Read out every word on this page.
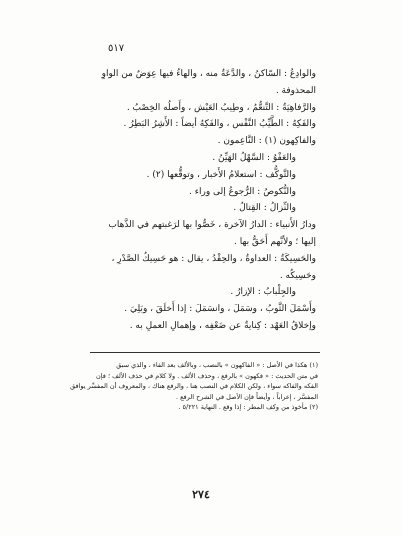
٥١٧

والوادِعُ : السّاكنُ ، والدَّعَةُ منه ، والهاءُ فيها عِوَضٌ من الواوِ

المحذوفة .

والرَّفاهِيَةُ : التَّنعُّمُ ، وطِيبُ العَيْش ، وأَصلُه الخِصْبُ .

والفَكِهُ : الطَّيِّبُ النَّفْس ، والفَكِهُ أيضاً : الأَشِرُ البَطِرُ .

والفاكِهون (١) : النَّاعِمون .

والعَفْوُ : السَّهْلُ الهَيِّنُ .

والتَّوكُّف : استعلامُ الأَخبار ، وتوقُّعها (٢) .

والنُّكوصُ : الرُّجوعُ إلى وراء .

والنِّزالُ : القِتالُ .

ودارُ الأَنبياء : الدارُ الآخرة ، خَصُّوا بها لرَغبتهم في الذَّهاب

إليها ؛ ولأنَّهم أَحَقُّ بها .

والحَسِيكَةُ : العداوةُ ، والحِقْدُ ، يقال : هو حَسِيكُ الصَّدْرِ ،

وحَسِيكُه .

والجِلْبابُ : الإزارُ .

وأَسْمَلَ الثَّوبُ ، وسَمَلَ ، وانسَمَلَ : إذا أَخلَقَ ، وبَلِيَ .

وإخلاقُ العَهْد : كِنايةٌ عن ضَعْفِه ، وإهمالِ العملِ به .

(١) هكذا في الأصل : « الفاكهون » بالنصب ، وبالألف بعد الفاء ، والذي سبق

في متن الحديث : « فكهون » بالرفع ، وحذف الألف . ولا كلام في حذف الألف ؛ فإن

الفكه والفاكه سواء ، ولكن الكلام في النصب هنا ، والرفع هناك ، والمعروف أن المفسِّر يوافق

المفسَّر ، إعراباً ، وأيضاً فإن الأصل في الشرح الرفع .

(٢) مأخوذ من وكف المطر : إذا وقع . النهاية ٥/٢٢١ .

٢٧٤
